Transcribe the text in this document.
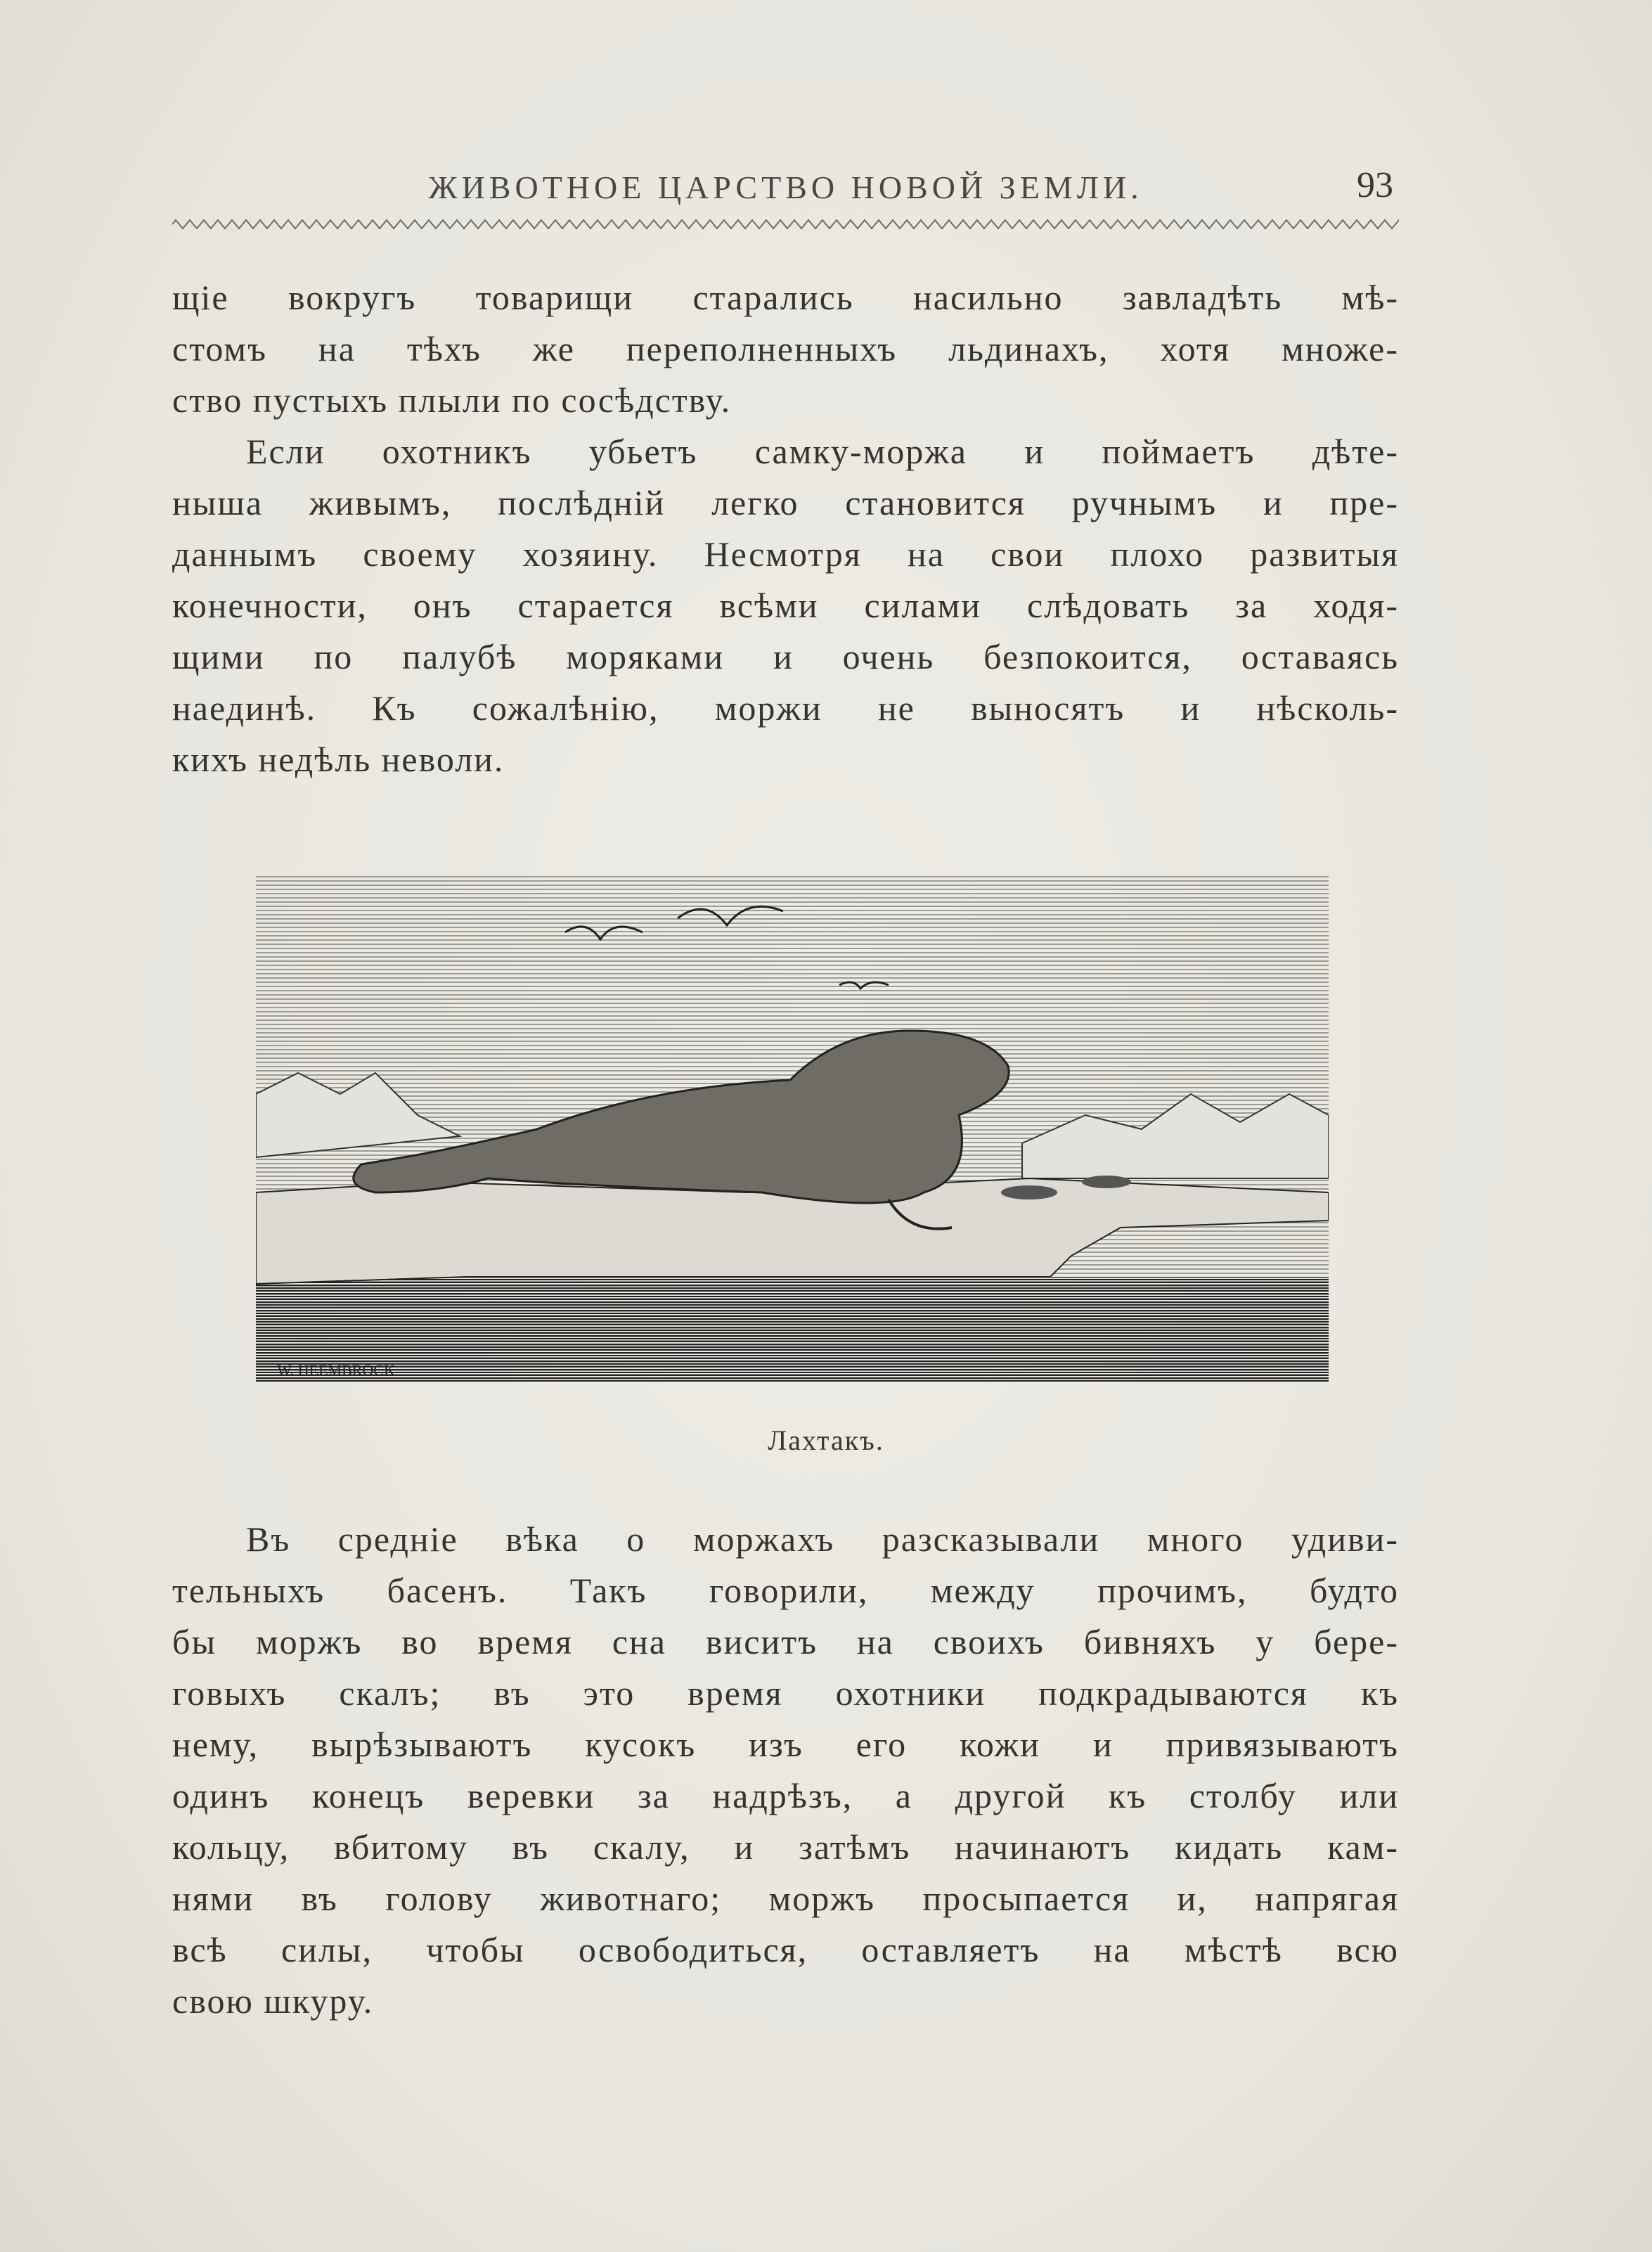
ЖИВОТНОЕ ЦАРСТВО НОВОЙ ЗЕМЛИ.	93
щіе вокругъ товарищи старались насильно завладѣть мѣ-
стомъ на тѣхъ же переполненныхъ льдинахъ, хотя множе-
ство пустыхъ плыли по сосѣдству.
Если охотникъ убьетъ самку-моржа и поймаетъ дѣте-
ныша живымъ, послѣдній легко становится ручнымъ и пре-
даннымъ своему хозяину. Несмотря на свои плохо развитыя
конечности, онъ старается всѣми силами слѣдовать за ходя-
щими по палубѣ моряками и очень безпокоится, оставаясь
наединѣ. Къ сожалѣнію, моржи не выносятъ и нѣсколь-
кихъ недѣль неволи.
W. HEEMBROCK
Лахтакъ.
Въ средніе вѣка о моржахъ разсказывали много удиви-
тельныхъ басенъ. Такъ говорили, между прочимъ, будто
бы моржъ во время сна виситъ на своихъ бивняхъ у бере-
говыхъ скалъ; въ это время охотники подкрадываются къ
нему, вырѣзываютъ кусокъ изъ его кожи и привязываютъ
одинъ конецъ веревки за надрѣзъ, а другой къ столбу или
кольцу, вбитому въ скалу, и затѣмъ начинаютъ кидать кам-
нями въ голову животнаго; моржъ просыпается и, напрягая
всѣ силы, чтобы освободиться, оставляетъ на мѣстѣ всю
свою шкуру.
